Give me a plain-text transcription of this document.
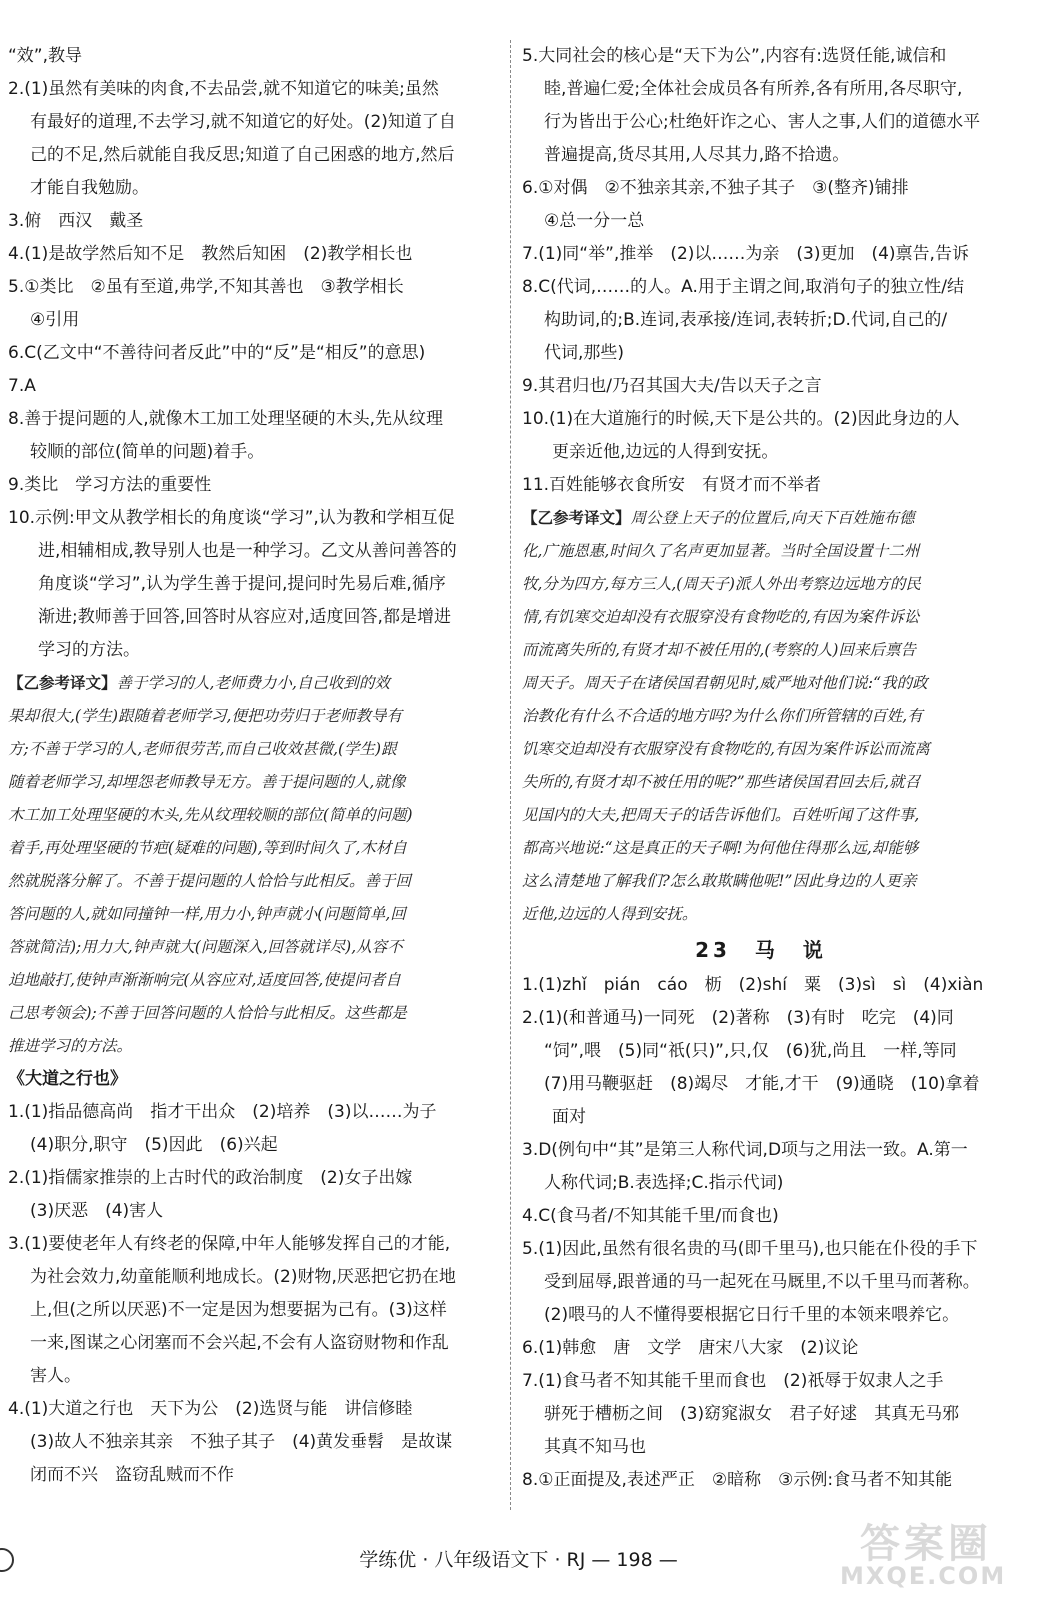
“效”,教导
2.(1)虽然有美味的肉食,不去品尝,就不知道它的味美;虽然
有最好的道理,不去学习,就不知道它的好处。(2)知道了自
己的不足,然后就能自我反思;知道了自己困惑的地方,然后
才能自我勉励。
3.俯　西汉　戴圣
4.(1)是故学然后知不足　教然后知困　(2)教学相长也
5.①类比　②虽有至道,弗学,不知其善也　③教学相长
④引用
6.C(乙文中“不善待问者反此”中的“反”是“相反”的意思)
7.A
8.善于提问题的人,就像木工加工处理坚硬的木头,先从纹理
较顺的部位(简单的问题)着手。
9.类比　学习方法的重要性
10.示例:甲文从教学相长的角度谈“学习”,认为教和学相互促
进,相辅相成,教导别人也是一种学习。乙文从善问善答的
角度谈“学习”,认为学生善于提问,提问时先易后难,循序
渐进;教师善于回答,回答时从容应对,适度回答,都是增进
学习的方法。
【乙参考译文】善于学习的人,老师费力小,自己收到的效
果却很大,(学生)跟随着老师学习,便把功劳归于老师教导有
方;不善于学习的人,老师很劳苦,而自己收效甚微,(学生)跟
随着老师学习,却埋怨老师教导无方。善于提问题的人,就像
木工加工处理坚硬的木头,先从纹理较顺的部位(简单的问题)
着手,再处理坚硬的节疤(疑难的问题),等到时间久了,木材自
然就脱落分解了。不善于提问题的人恰恰与此相反。善于回
答问题的人,就如同撞钟一样,用力小,钟声就小(问题简单,回
答就简洁);用力大,钟声就大(问题深入,回答就详尽),从容不
迫地敲打,使钟声渐渐响完(从容应对,适度回答,使提问者自
己思考领会);不善于回答问题的人恰恰与此相反。这些都是
推进学习的方法。
《大道之行也》
1.(1)指品德高尚　指才干出众　(2)培养　(3)以……为子
(4)职分,职守　(5)因此　(6)兴起
2.(1)指儒家推崇的上古时代的政治制度　(2)女子出嫁
(3)厌恶　(4)害人
3.(1)要使老年人有终老的保障,中年人能够发挥自己的才能,
为社会效力,幼童能顺利地成长。(2)财物,厌恶把它扔在地
上,但(之所以厌恶)不一定是因为想要据为己有。(3)这样
一来,图谋之心闭塞而不会兴起,不会有人盗窃财物和作乱
害人。
4.(1)大道之行也　天下为公　(2)选贤与能　讲信修睦
(3)故人不独亲其亲　不独子其子　(4)黄发垂髫　是故谋
闭而不兴　盗窃乱贼而不作
5.大同社会的核心是“天下为公”,内容有:选贤任能,诚信和
睦,普遍仁爱;全体社会成员各有所养,各有所用,各尽职守,
行为皆出于公心;杜绝奸诈之心、害人之事,人们的道德水平
普遍提高,货尽其用,人尽其力,路不拾遗。
6.①对偶　②不独亲其亲,不独子其子　③(整齐)铺排
④总一分一总
7.(1)同“举”,推举　(2)以……为亲　(3)更加　(4)禀告,告诉
8.C(代词,……的人。A.用于主谓之间,取消句子的独立性/结
构助词,的;B.连词,表承接/连词,表转折;D.代词,自己的/
代词,那些)
9.其君归也/乃召其国大夫/告以天子之言
10.(1)在大道施行的时候,天下是公共的。(2)因此身边的人
更亲近他,边远的人得到安抚。
11.百姓能够衣食所安　有贤才而不举者
【乙参考译文】周公登上天子的位置后,向天下百姓施布德
化,广施恩惠,时间久了名声更加显著。当时全国设置十二州
牧,分为四方,每方三人,(周天子)派人外出考察边远地方的民
情,有饥寒交迫却没有衣服穿没有食物吃的,有因为案件诉讼
而流离失所的,有贤才却不被任用的,(考察的人)回来后禀告
周天子。周天子在诸侯国君朝见时,威严地对他们说:“我的政
治教化有什么不合适的地方吗?为什么你们所管辖的百姓,有
饥寒交迫却没有衣服穿没有食物吃的,有因为案件诉讼而流离
失所的,有贤才却不被任用的呢?”那些诸侯国君回去后,就召
见国内的大夫,把周天子的话告诉他们。百姓听闻了这件事,
都高兴地说:“这是真正的天子啊!为何他住得那么远,却能够
这么清楚地了解我们?怎么敢欺瞒他呢!”因此身边的人更亲
近他,边远的人得到安抚。
23　马　说
1.(1)zhǐ　pián　cáo　枥　(2)shí　粟　(3)sì　sì　(4)xiàn
2.(1)(和普通马)一同死　(2)著称　(3)有时　吃完　(4)同
“饲”,喂　(5)同“祇(只)”,只,仅　(6)犹,尚且　一样,等同
(7)用马鞭驱赶　(8)竭尽　才能,才干　(9)通晓　(10)拿着
面对
3.D(例句中“其”是第三人称代词,D项与之用法一致。A.第一
人称代词;B.表选择;C.指示代词)
4.C(食马者/不知其能千里/而食也)
5.(1)因此,虽然有很名贵的马(即千里马),也只能在仆役的手下
受到屈辱,跟普通的马一起死在马厩里,不以千里马而著称。
(2)喂马的人不懂得要根据它日行千里的本领来喂养它。
6.(1)韩愈　唐　文学　唐宋八大家　(2)议论
7.(1)食马者不知其能千里而食也　(2)祇辱于奴隶人之手
骈死于槽枥之间　(3)窈窕淑女　君子好逑　其真无马邪
其真不知马也
8.①正面提及,表述严正　②暗称　③示例:食马者不知其能
学练优 · 八年级语文下 · RJ — 198 —	答案圈
MXQE.COM
